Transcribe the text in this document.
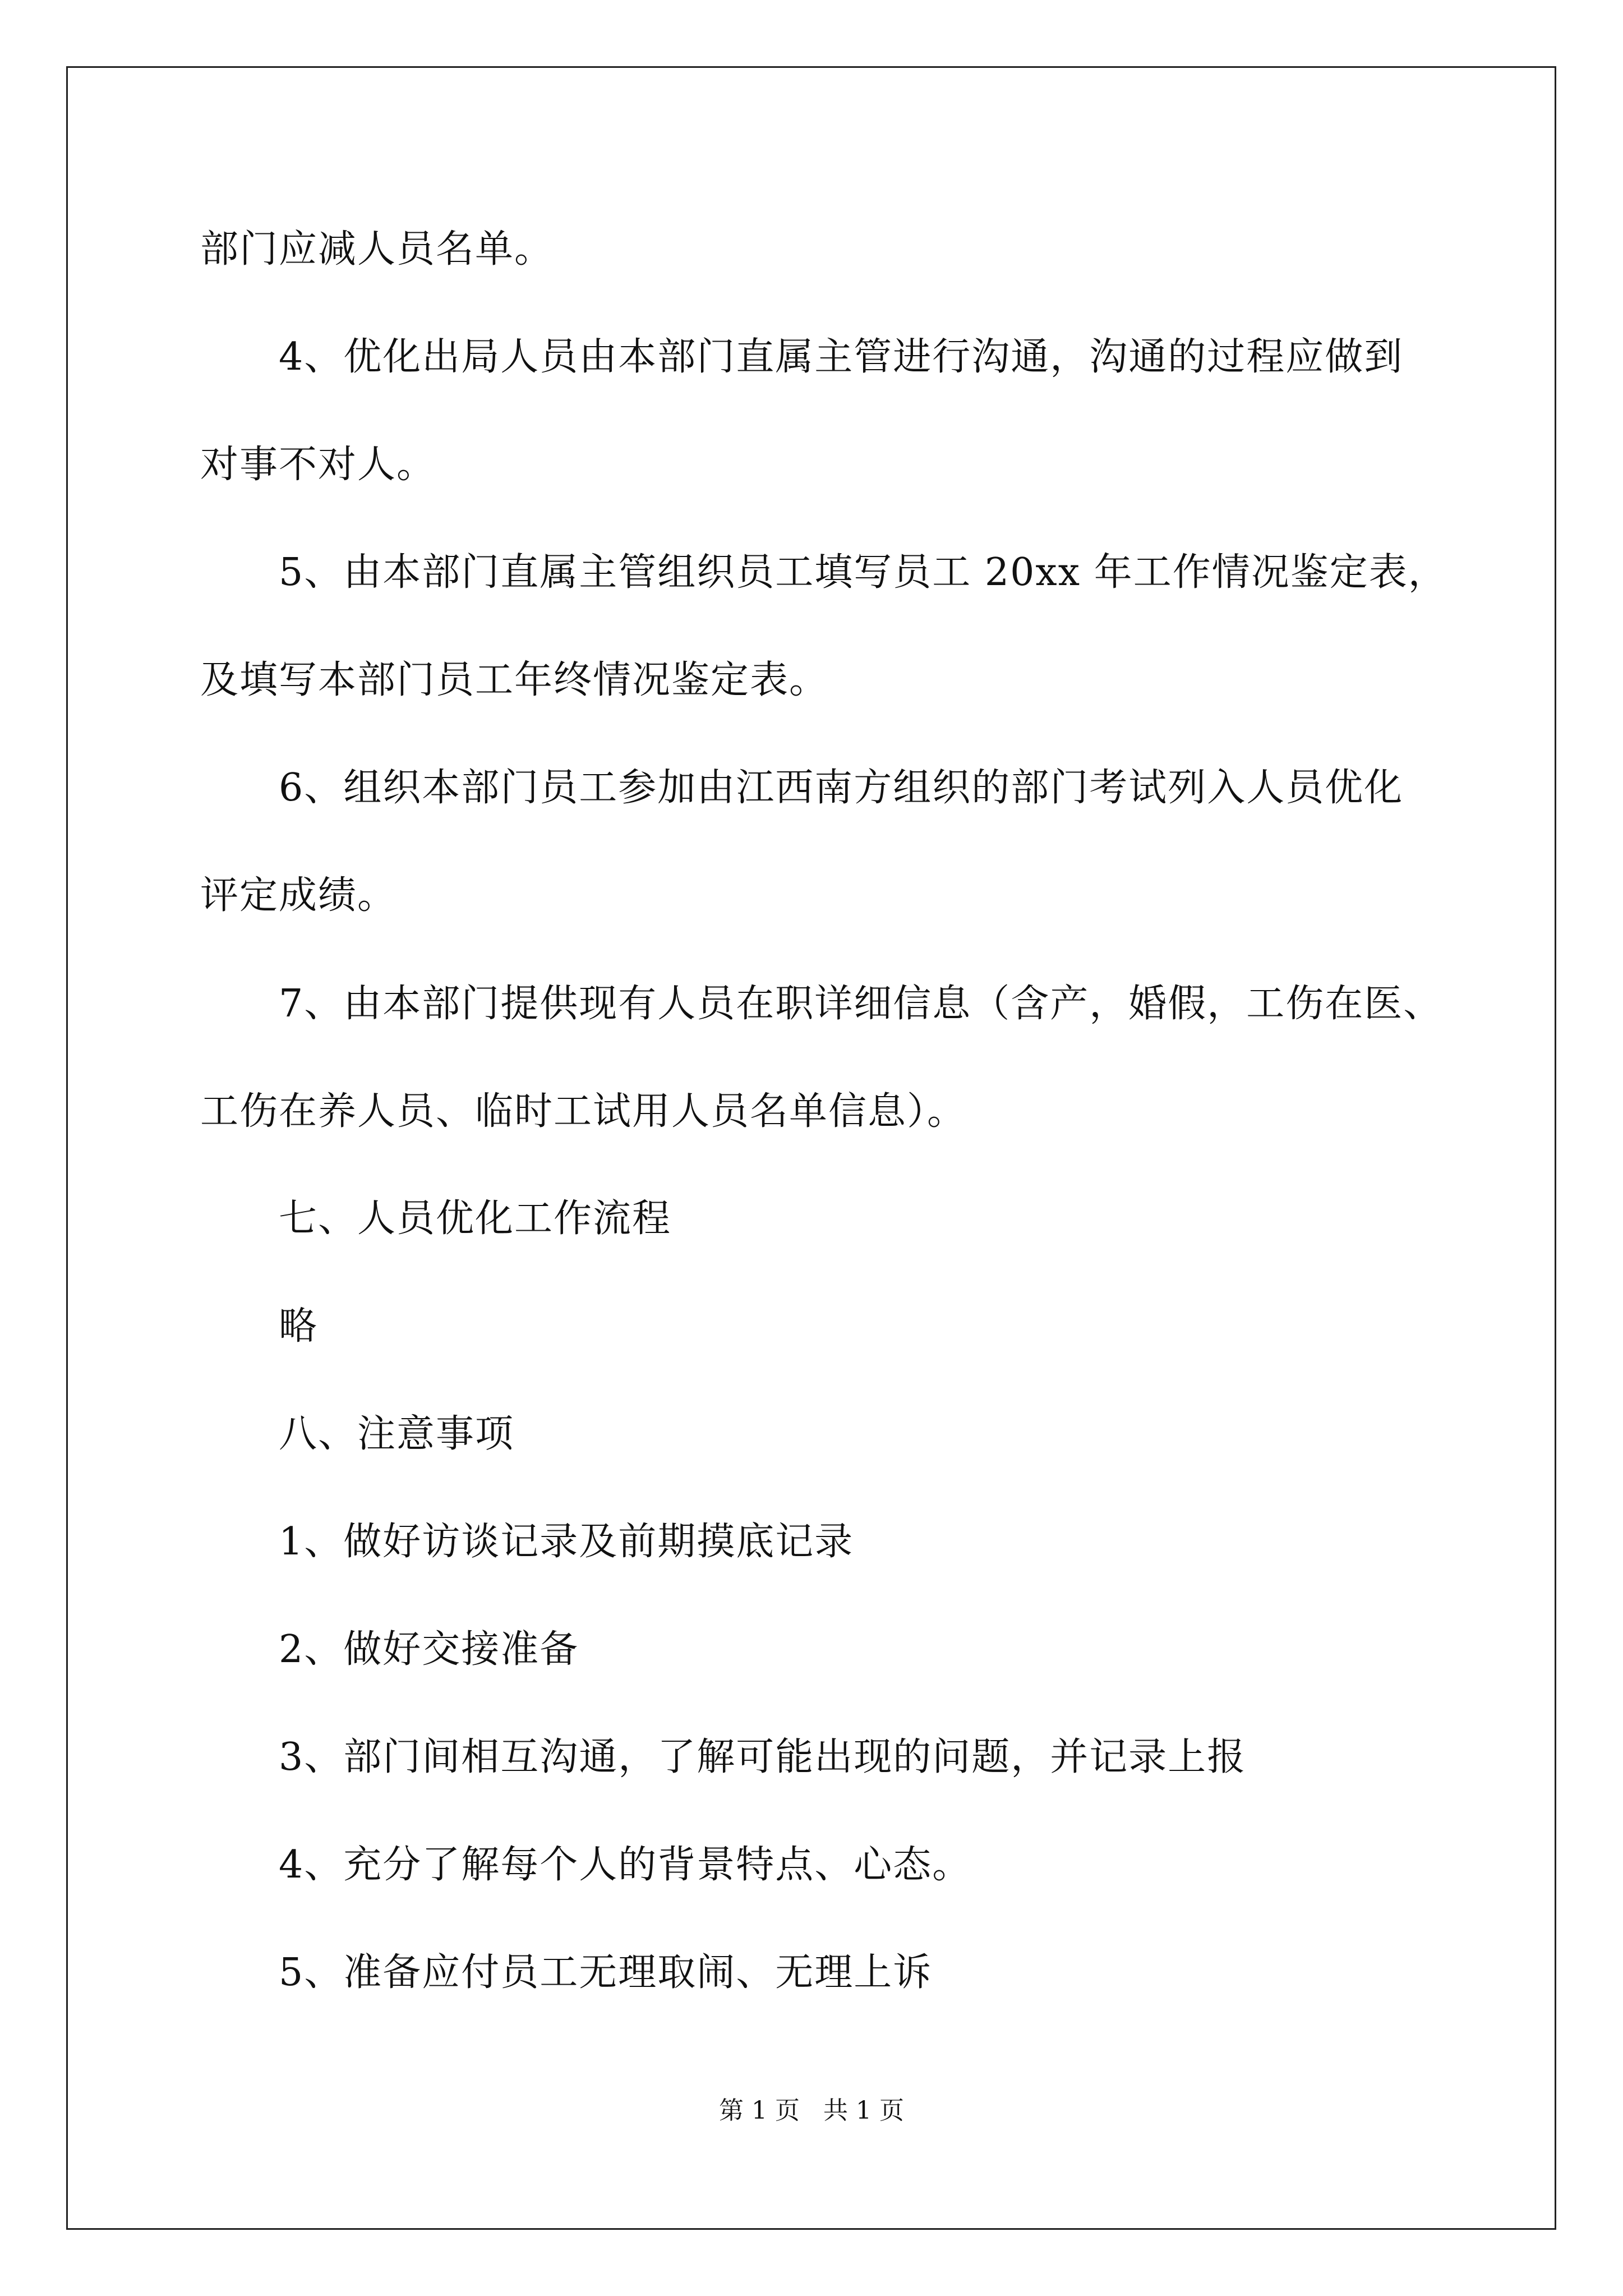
部门应减人员名单。
4、优化出局人员由本部门直属主管进行沟通，沟通的过程应做到
对事不对人。
5、由本部门直属主管组织员工填写员工 20xx 年工作情况鉴定表，
及填写本部门员工年终情况鉴定表。
6、组织本部门员工参加由江西南方组织的部门考试列入人员优化
评定成绩。
7、由本部门提供现有人员在职详细信息（含产，婚假，工伤在医、
工伤在养人员、临时工试用人员名单信息）。
七、人员优化工作流程
略
八、注意事项
1、做好访谈记录及前期摸底记录
2、做好交接准备
3、部门间相互沟通，了解可能出现的问题，并记录上报
4、充分了解每个人的背景特点、心态。
5、准备应付员工无理取闹、无理上诉
第 1 页   共 1 页
